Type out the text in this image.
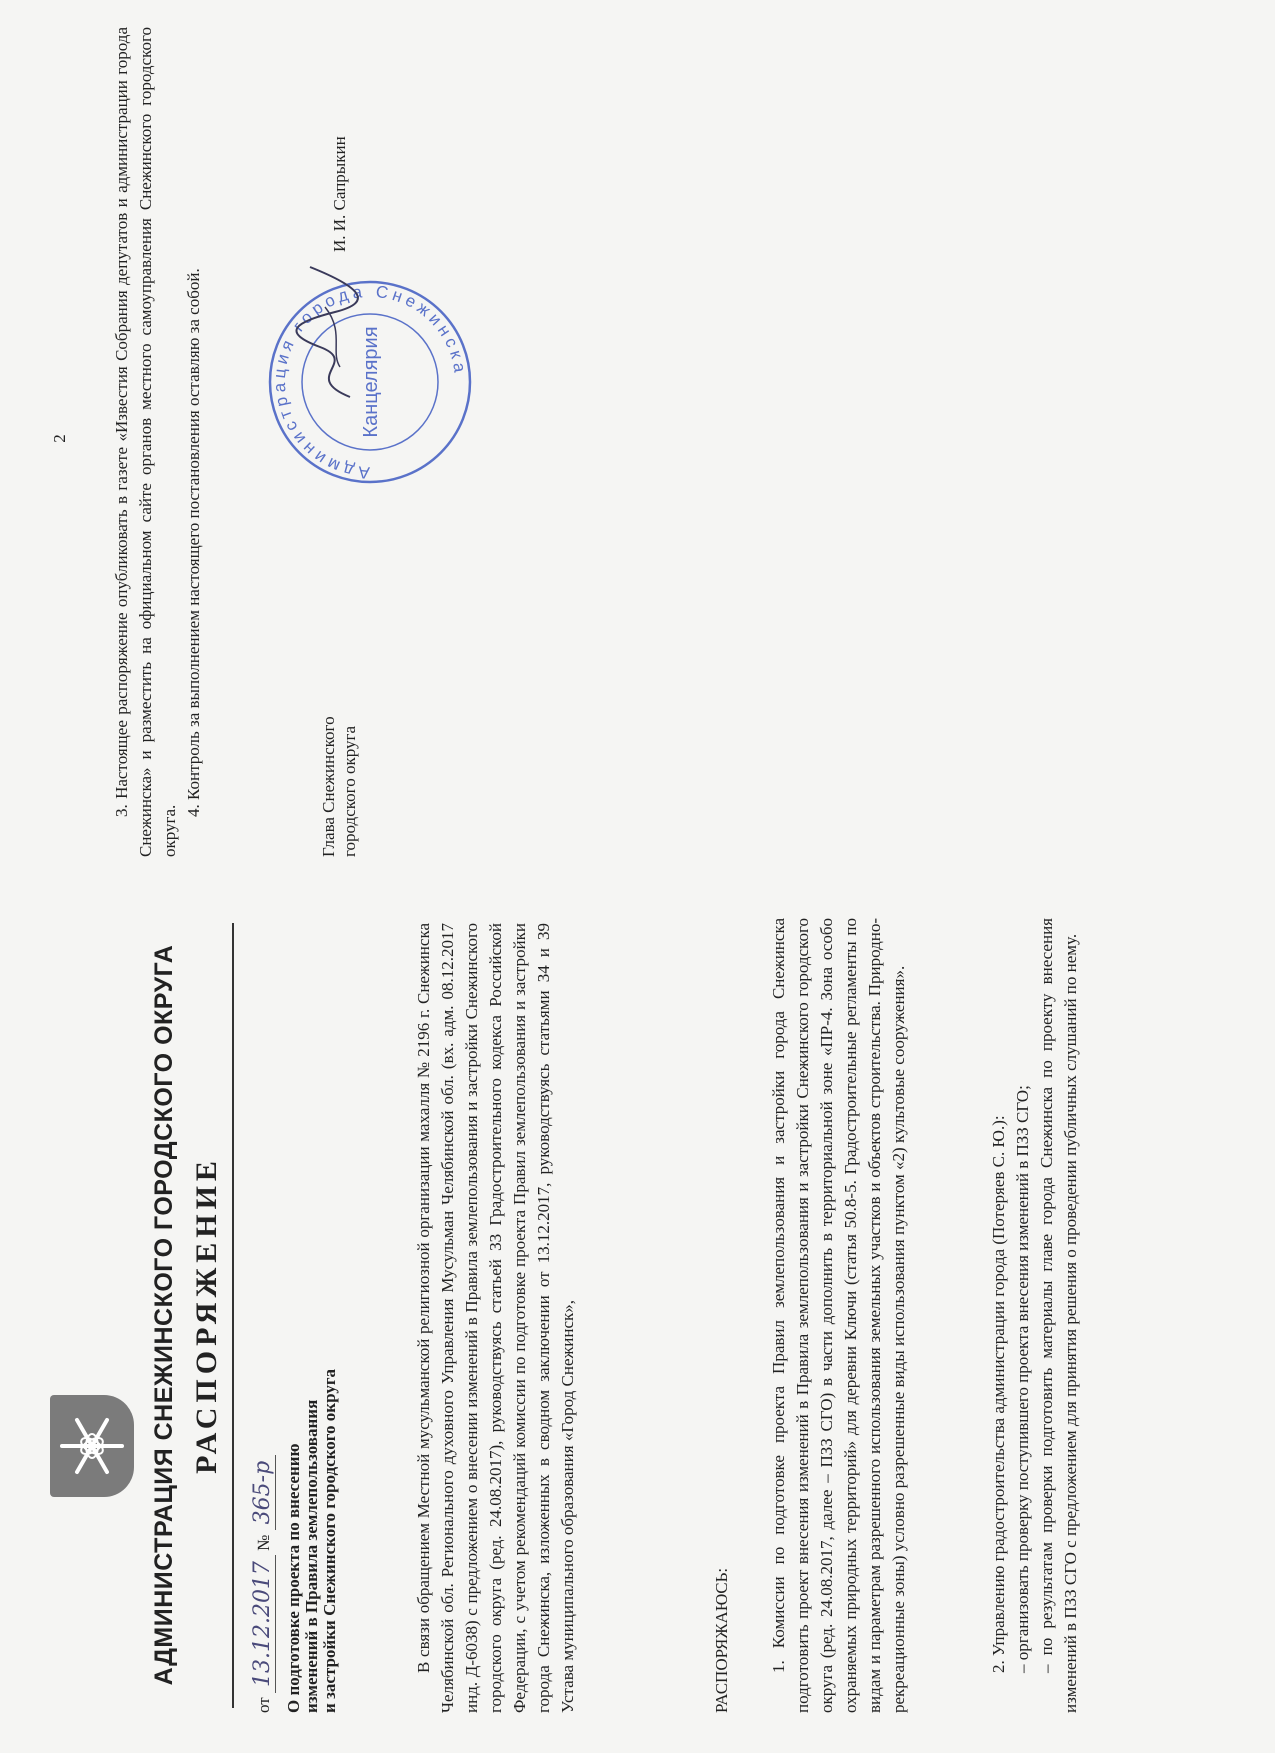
АДМИНИСТРАЦИЯ СНЕЖИНСКОГО ГОРОДСКОГО ОКРУГА РАСПОРЯЖЕНИЕ
от 13.12.2017 № 365-р О подготовке проекта по внесению изменений в Правила землепользования и застройки Снежинского городского округа	В связи обращением Местной мусульманской религиозной организации махалля № 2196 г. Снежинска Челябинской обл. Регионального духовного Управления Мусульман Челябинской обл. (вх. адм. 08.12.2017 инд. Д-6038) с предложением о внесении изменений в Правила землепользования и застройки Снежинского городского округа (ред. 24.08.2017), руководствуясь статьей 33 Градостроительного кодекса Российской Федерации, с учетом рекомендаций комиссии по подготовке проекта Правил землепользования и застройки города Снежинска, изложенных в сводном заключении от 13.12.2017, руководствуясь статьями 34 и 39 Устава муниципального образования «Город Снежинск»,	РАСПОРЯЖАЮСЬ: 1. Комиссии по подготовке проекта Правил землепользования и застройки города Снежинска подготовить проект внесения изменений в Правила землепользования и застройки Снежинского городского округа (ред. 24.08.2017, далее – ПЗЗ СГО) в части дополнить в территориальной зоне «ПР-4. Зона особо охраняемых природных территорий» для деревни Ключи (статья 50.8-5. Градостроительные регламенты по видам и параметрам разрешенного использования земельных участков и объектов строительства. Природно-рекреационные зоны) условно разрешенные виды использования пунктом «2) культовые сооружения».	2. Управлению градостроительства администрации города (Потеряев С. Ю.): – организовать проверку поступившего проекта внесения изменений в ПЗЗ СГО; – по результатам проверки подготовить материалы главе города Снежинска по проекту внесения изменений в ПЗЗ СГО с предложением для принятия решения о проведении публичных слушаний по нему.
2	3. Настоящее распоряжение опубликовать в газете «Известия Собрания депутатов и администрации города Снежинска» и разместить на официальном сайте органов местного самоуправления Снежинского городского округа.
4. Контроль за выполнением настоящего постановления оставляю за собой.	Глава Снежинского городского округа
Администрация города Снежинска
Канцелярия
И. И. Сапрыкин
